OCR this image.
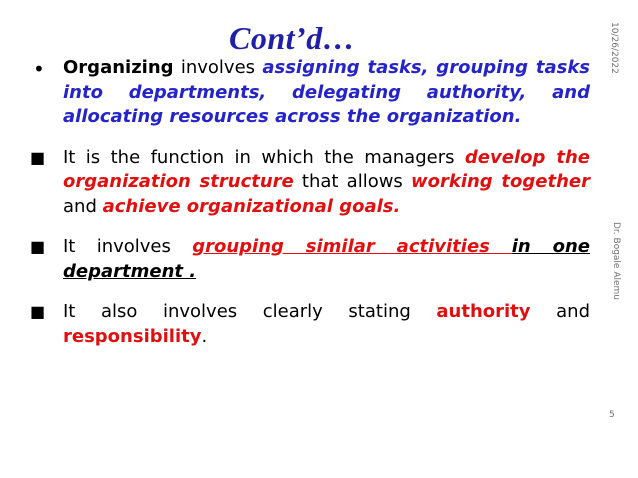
Cont’d…
• Organizing involves assigning tasks, grouping tasks into departments, delegating authority, and allocating resources across the organization.

■ It is the function in which the managers develop the organization structure that allows working together and achieve organizational goals.

■ It involves grouping similar activities in one department .

■ It also involves clearly stating authority and responsibility.

10/26/2022
Dr. Bogale Alemu
5
